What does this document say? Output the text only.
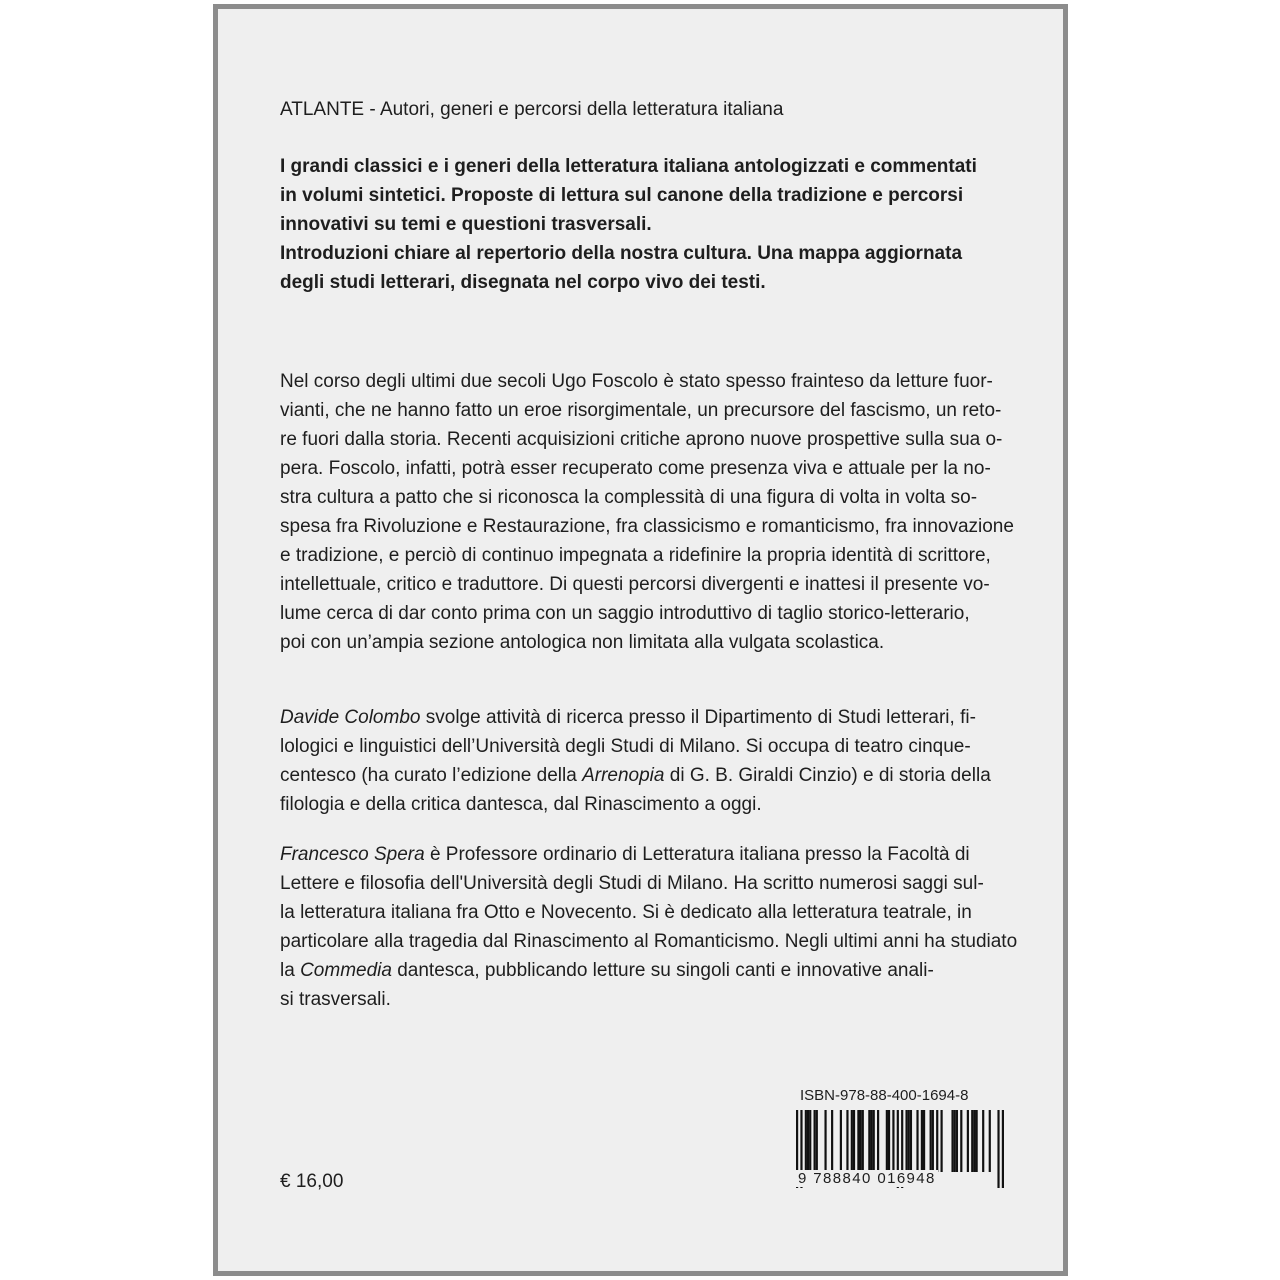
ATLANTE - Autori, generi e percorsi della letteratura italiana
I grandi classici e i generi della letteratura italiana antologizzati e commentati
in volumi sintetici. Proposte di lettura sul canone della tradizione e percorsi
innovativi su temi e questioni trasversali.
Introduzioni chiare al repertorio della nostra cultura. Una mappa aggiornata
degli studi letterari, disegnata nel corpo vivo dei testi.
Nel corso degli ultimi due secoli Ugo Foscolo è stato spesso frainteso da letture fuor-
vianti, che ne hanno fatto un eroe risorgimentale, un precursore del fascismo, un reto-
re fuori dalla storia. Recenti acquisizioni critiche aprono nuove prospettive sulla sua o-
pera. Foscolo, infatti, potrà esser recuperato come presenza viva e attuale per la no-
stra cultura a patto che si riconosca la complessità di una figura di volta in volta so-
spesa fra Rivoluzione e Restaurazione, fra classicismo e romanticismo, fra innovazione
e tradizione, e perciò di continuo impegnata a ridefinire la propria identità di scrittore,
intellettuale, critico e traduttore. Di questi percorsi divergenti e inattesi il presente vo-
lume cerca di dar conto prima con un saggio introduttivo di taglio storico-letterario,
poi con un’ampia sezione antologica non limitata alla vulgata scolastica.
Davide Colombo svolge attività di ricerca presso il Dipartimento di Studi letterari, fi-
lologici e linguistici dell’Università degli Studi di Milano. Si occupa di teatro cinque-
centesco (ha curato l’edizione della Arrenopia di G. B. Giraldi Cinzio) e di storia della
filologia e della critica dantesca, dal Rinascimento a oggi.
Francesco Spera è Professore ordinario di Letteratura italiana presso la Facoltà di
Lettere e filosofia dell'Università degli Studi di Milano. Ha scritto numerosi saggi sul-
la letteratura italiana fra Otto e Novecento. Si è dedicato alla letteratura teatrale, in
particolare alla tragedia dal Rinascimento al Romanticismo. Negli ultimi anni ha studiato
la Commedia dantesca, pubblicando letture su singoli canti e innovative anali-
si trasversali.
€ 16,00
ISBN-978-88-400-1694-8
9 788840 016948
